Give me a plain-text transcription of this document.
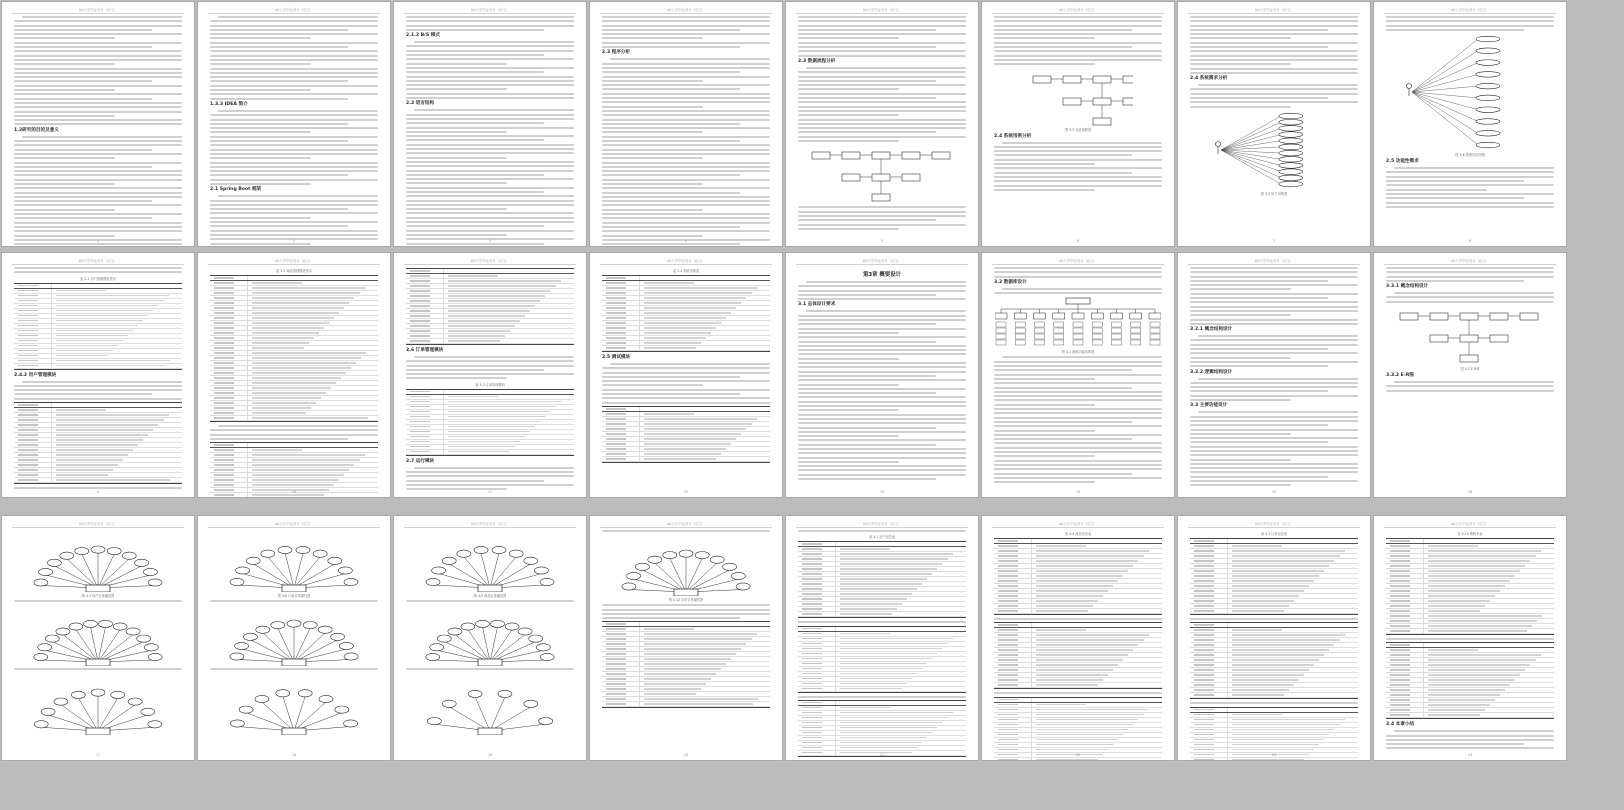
XX大学毕业设计（论文）
1.2研究的目的及意义
1
XX大学毕业设计（论文）
1.3.3 IDEA 简介
2.1 Spring Boot 框架
2
XX大学毕业设计（论文）
2.1.2 B/S 模式
2.2 语言结构
3
XX大学毕业设计（论文）
2.3 程序分析
4
XX大学毕业设计（论文）
2.3 数据流程分析
5
XX大学毕业设计（论文）
图 3-2 登录流程图
2.4 系统用例分析
6
XX大学毕业设计（论文）
2.4 系统需求分析
图 3-5 用户用例图
7
XX大学毕业设计（论文）
图 3-6 管理员用例图
2.5 功能性需求
8
XX大学毕业设计（论文）
表 3-1 用户管理模块需求
2.4.2 用户管理模块
9
XX大学毕业设计（论文）
表 3-2 商品管理模块需求
10
XX大学毕业设计（论文）
2.6 订单管理模块
表 3-3 订单管理模块
2.7 运行模块
11
XX大学毕业设计（论文）
表 3-4 测试用例表
2.5 测试模块
12
XX大学毕业设计（论文）
第3章 概要设计
3.1 总体设计要求
13
XX大学毕业设计（论文）
3.2 数据库设计
图 4-1 系统功能结构图
14
XX大学毕业设计（论文）
3.2.1 概念结构设计
3.2.2 逻辑结构设计
3.3 主要功能设计
15
XX大学毕业设计（论文）
3.3.1 概念结构设计
图 4-2 E-R图
3.3.2 E-R图
16
XX大学毕业设计（论文）
图 4-3 用户实体属性图
17
XX大学毕业设计（论文）
图 4-6 订单实体属性图
18
XX大学毕业设计（论文）
图 4-9 商品实体属性图
19
XX大学毕业设计（论文）
图 4-12 评价实体属性图
20
XX大学毕业设计（论文）
表 4-1 用户信息表
21
XX大学毕业设计（论文）
表 4-4 商品信息表
22
XX大学毕业设计（论文）
表 4-7 订单信息表
23
XX大学毕业设计（论文）
表 4-10 购物车表
3.4 本章小结
24
